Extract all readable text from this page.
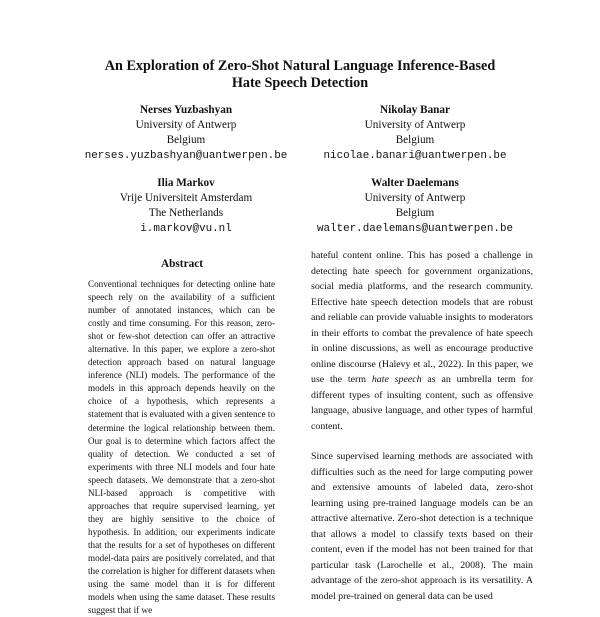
An Exploration of Zero-Shot Natural Language Inference-Based
Hate Speech Detection
Nerses Yuzbashyan
University of Antwerp
Belgium
nerses.yuzbashyan@uantwerpen.be
Nikolay Banar
University of Antwerp
Belgium
nicolae.banari@uantwerpen.be
Ilia Markov
Vrije Universiteit Amsterdam
The Netherlands
i.markov@vu.nl
Walter Daelemans
University of Antwerp
Belgium
walter.daelemans@uantwerpen.be
Abstract
Conventional techniques for detecting online hate speech rely on the availability of a sufficient number of annotated instances, which can be costly and time consuming. For this reason, zero-shot or few-shot detection can offer an attractive alternative. In this paper, we explore a zero-shot detection approach based on natural language inference (NLI) models. The performance of the models in this approach depends heavily on the choice of a hypothesis, which represents a statement that is evaluated with a given sentence to determine the logical relationship between them. Our goal is to determine which factors affect the quality of detection. We conducted a set of experiments with three NLI models and four hate speech datasets. We demonstrate that a zero-shot NLI-based approach is competitive with approaches that require supervised learning, yet they are highly sensitive to the choice of hypothesis. In addition, our experiments indicate that the results for a set of hypotheses on different model-data pairs are positively correlated, and that the correlation is higher for different datasets when using the same model than it is for different models when using the same dataset. These results suggest that if we

hateful content online. This has posed a challenge in detecting hate speech for government organizations, social media platforms, and the research community. Effective hate speech detection models that are robust and reliable can provide valuable insights to moderators in their efforts to combat the prevalence of hate speech in online discussions, as well as encourage productive online discourse (Halevy et al., 2022). In this paper, we use the term hate speech as an umbrella term for different types of insulting content, such as offensive language, abusive language, and other types of harmful content.

Since supervised learning methods are associated with difficulties such as the need for large computing power and extensive amounts of labeled data, zero-shot learning using pre-trained language models can be an attractive alternative. Zero-shot detection is a technique that allows a model to classify texts based on their content, even if the model has not been trained for that particular task (Larochelle et al., 2008). The main advantage of the zero-shot approach is its versatility. A model pre-trained on general data can be used
